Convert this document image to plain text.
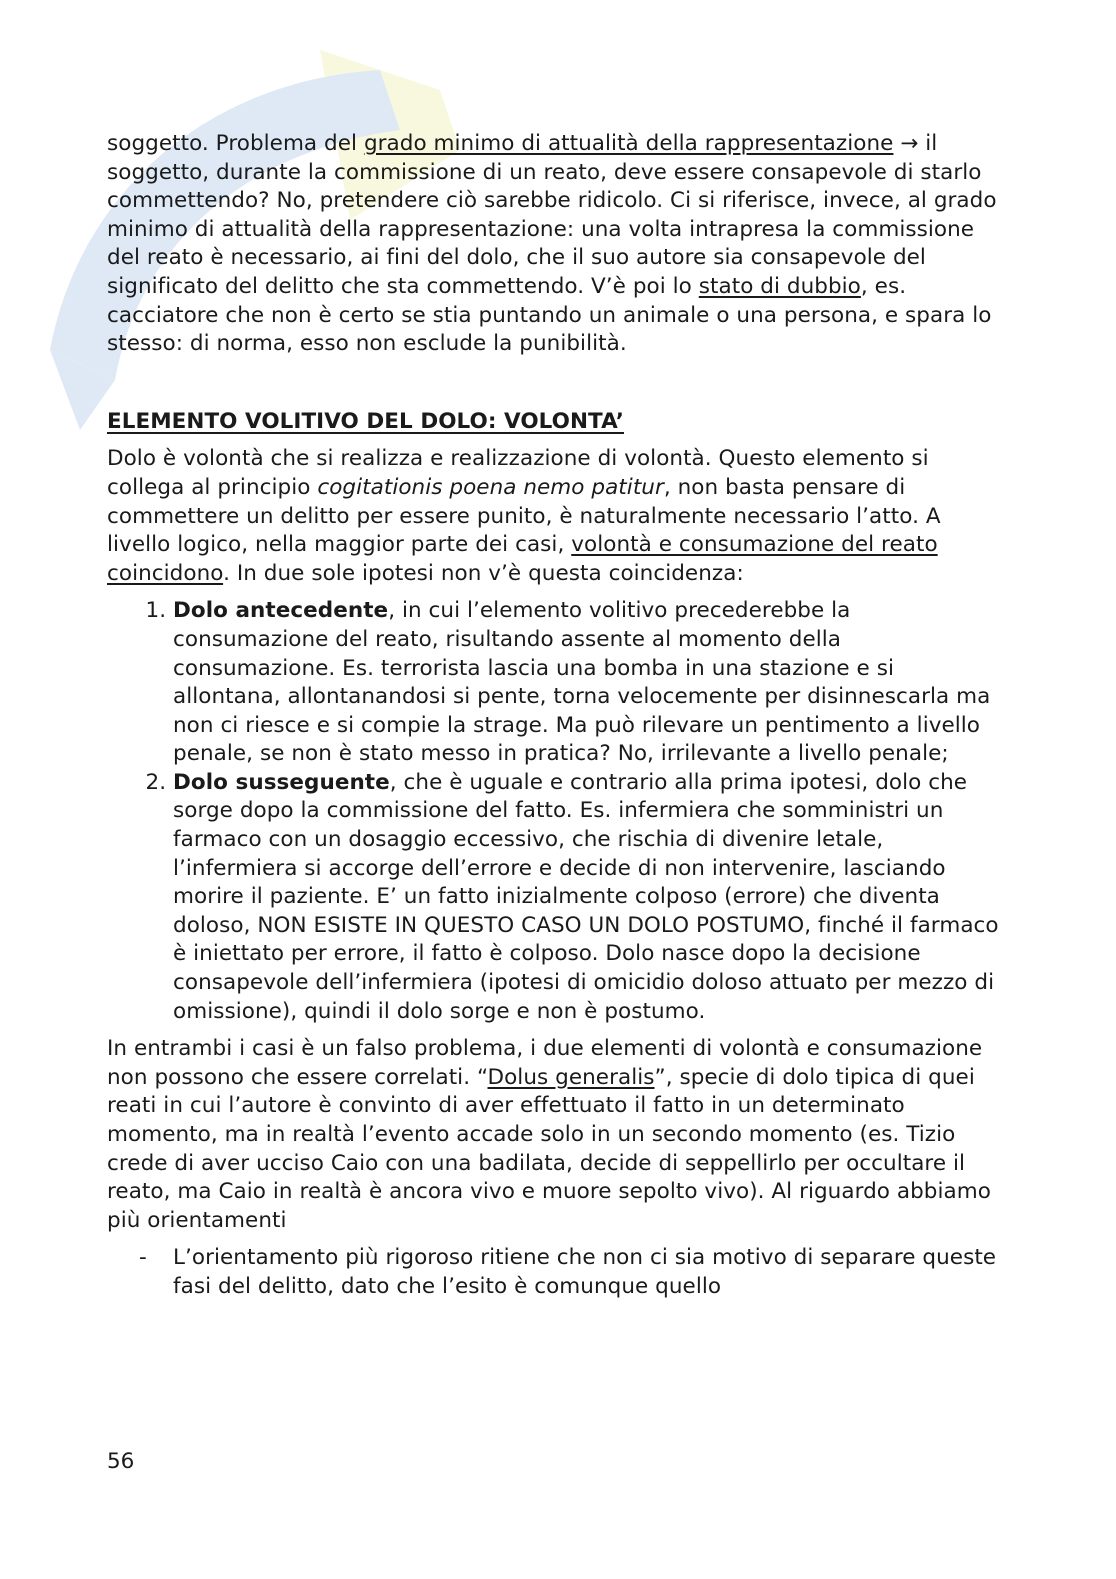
soggetto. Problema del grado minimo di attualità della rappresentazione → il soggetto, durante la commissione di un reato, deve essere consapevole di starlo commettendo? No, pretendere ciò sarebbe ridicolo. Ci si riferisce, invece, al grado minimo di attualità della rappresentazione: una volta intrapresa la commissione del reato è necessario, ai fini del dolo, che il suo autore sia consapevole del significato del delitto che sta commettendo. V’è poi lo stato di dubbio, es. cacciatore che non è certo se stia puntando un animale o una persona, e spara lo stesso: di norma, esso non esclude la punibilità.

ELEMENTO VOLITIVO DEL DOLO: VOLONTA’

Dolo è volontà che si realizza e realizzazione di volontà. Questo elemento si collega al principio cogitationis poena nemo patitur, non basta pensare di commettere un delitto per essere punito, è naturalmente necessario l’atto. A livello logico, nella maggior parte dei casi, volontà e consumazione del reato coincidono. In due sole ipotesi non v’è questa coincidenza:

1. Dolo antecedente, in cui l’elemento volitivo precederebbe la consumazione del reato, risultando assente al momento della consumazione. Es. terrorista lascia una bomba in una stazione e si allontana, allontanandosi si pente, torna velocemente per disinnescarla ma non ci riesce e si compie la strage. Ma può rilevare un pentimento a livello penale, se non è stato messo in pratica? No, irrilevante a livello penale;
2. Dolo susseguente, che è uguale e contrario alla prima ipotesi, dolo che sorge dopo la commissione del fatto. Es. infermiera che somministri un farmaco con un dosaggio eccessivo, che rischia di divenire letale, l’infermiera si accorge dell’errore e decide di non intervenire, lasciando morire il paziente. E’ un fatto inizialmente colposo (errore) che diventa doloso, NON ESISTE IN QUESTO CASO UN DOLO POSTUMO, finché il farmaco è iniettato per errore, il fatto è colposo. Dolo nasce dopo la decisione consapevole dell’infermiera (ipotesi di omicidio doloso attuato per mezzo di omissione), quindi il dolo sorge e non è postumo.

In entrambi i casi è un falso problema, i due elementi di volontà e consumazione non possono che essere correlati. “Dolus generalis”, specie di dolo tipica di quei reati in cui l’autore è convinto di aver effettuato il fatto in un determinato momento, ma in realtà l’evento accade solo in un secondo momento (es. Tizio crede di aver ucciso Caio con una badilata, decide di seppellirlo per occultare il reato, ma Caio in realtà è ancora vivo e muore sepolto vivo). Al riguardo abbiamo più orientamenti

- L’orientamento più rigoroso ritiene che non ci sia motivo di separare queste fasi del delitto, dato che l’esito è comunque quello
56
